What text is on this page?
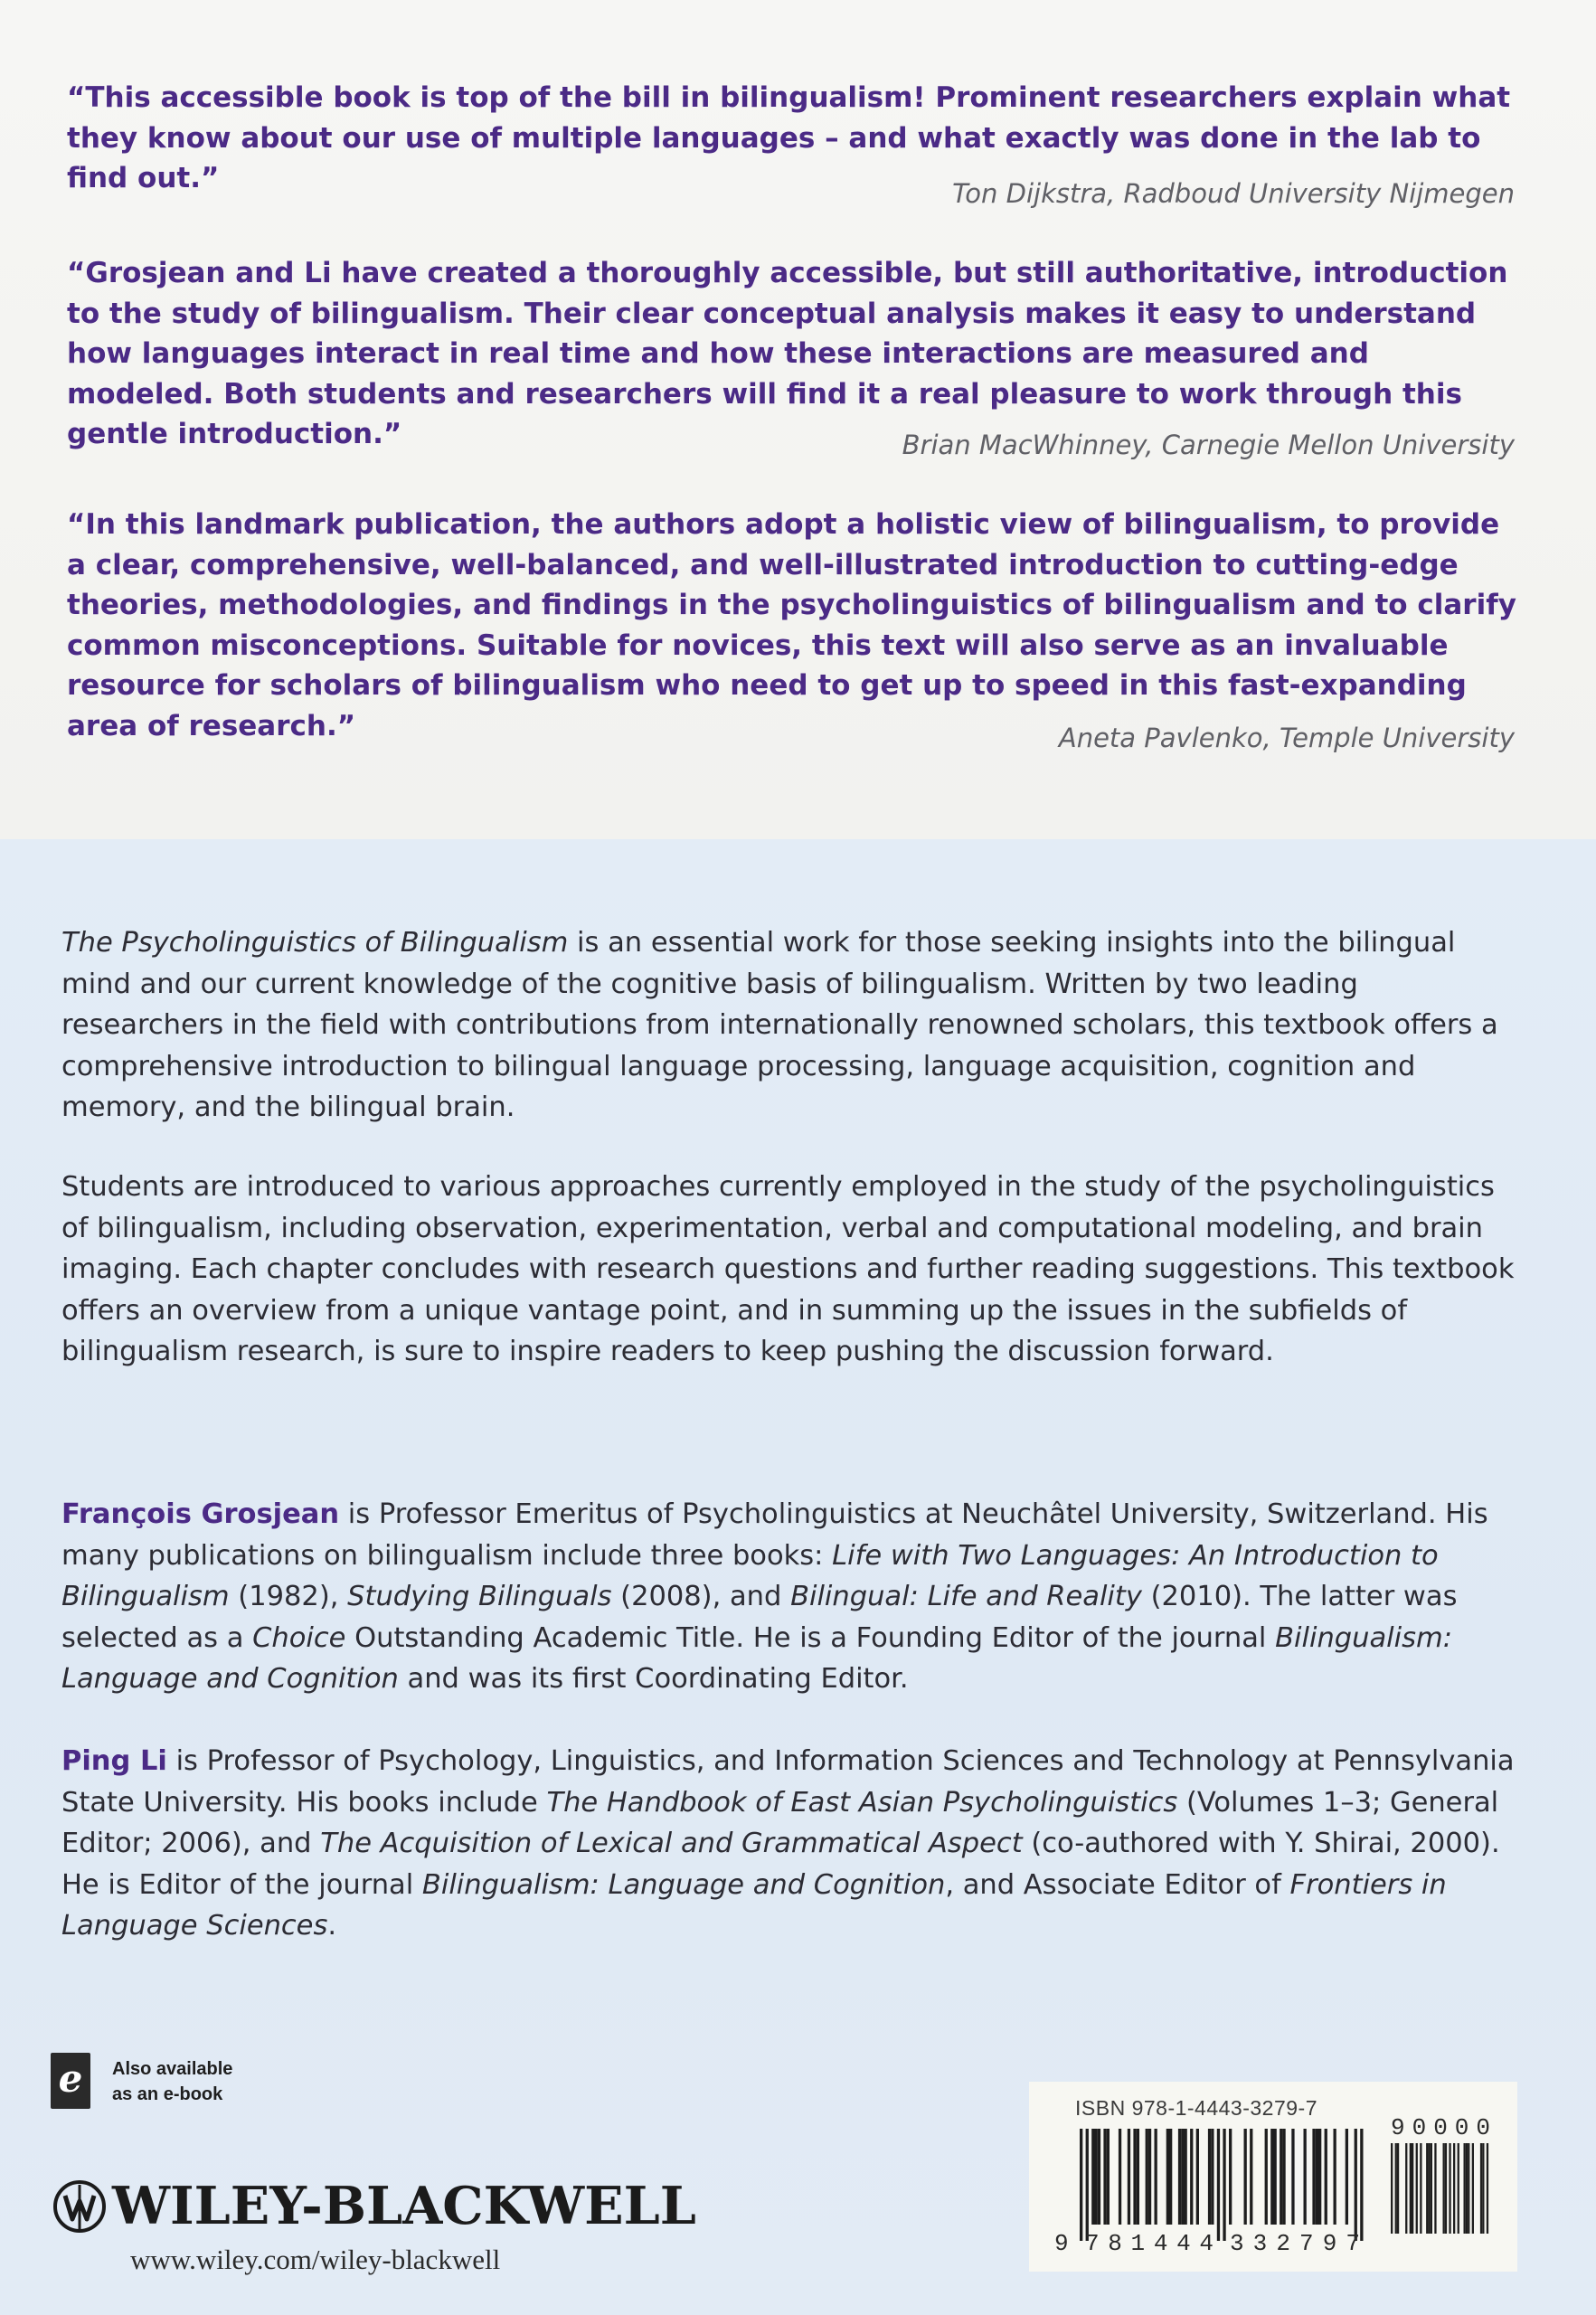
“This accessible book is top of the bill in bilingualism! Prominent researchers explain what they know about our use of multiple languages – and what exactly was done in the lab to find out.”	Ton Dijkstra, Radboud University Nijmegen

“Grosjean and Li have created a thoroughly accessible, but still authoritative, introduction to the study of bilingualism. Their clear conceptual analysis makes it easy to understand how languages interact in real time and how these interactions are measured and modeled. Both students and researchers will find it a real pleasure to work through this gentle introduction.”	Brian MacWhinney, Carnegie Mellon University

“In this landmark publication, the authors adopt a holistic view of bilingualism, to provide a clear, comprehensive, well-balanced, and well-illustrated introduction to cutting-edge theories, methodologies, and findings in the psycholinguistics of bilingualism and to clarify common misconceptions. Suitable for novices, this text will also serve as an invaluable resource for scholars of bilingualism who need to get up to speed in this fast-expanding area of research.”	Aneta Pavlenko, Temple University

The Psycholinguistics of Bilingualism is an essential work for those seeking insights into the bilingual mind and our current knowledge of the cognitive basis of bilingualism. Written by two leading researchers in the field with contributions from internationally renowned scholars, this textbook offers a comprehensive introduction to bilingual language processing, language acquisition, cognition and memory, and the bilingual brain.

Students are introduced to various approaches currently employed in the study of the psycholinguistics of bilingualism, including observation, experimentation, verbal and computational modeling, and brain imaging. Each chapter concludes with research questions and further reading suggestions. This textbook offers an overview from a unique vantage point, and in summing up the issues in the subfields of bilingualism research, is sure to inspire readers to keep pushing the discussion forward.

François Grosjean is Professor Emeritus of Psycholinguistics at Neuchâtel University, Switzerland. His many publications on bilingualism include three books: Life with Two Languages: An Introduction to Bilingualism (1982), Studying Bilinguals (2008), and Bilingual: Life and Reality (2010). The latter was selected as a Choice Outstanding Academic Title. He is a Founding Editor of the journal Bilingualism: Language and Cognition and was its first Coordinating Editor.

Ping Li is Professor of Psychology, Linguistics, and Information Sciences and Technology at Pennsylvania State University. His books include The Handbook of East Asian Psycholinguistics (Volumes 1–3; General Editor; 2006), and The Acquisition of Lexical and Grammatical Aspect (co-authored with Y. Shirai, 2000). He is Editor of the journal Bilingualism: Language and Cognition, and Associate Editor of Frontiers in Language Sciences.

e	Also available
as an e-book
WILEY-BLACKWELL
www.wiley.com/wiley-blackwell
ISBN 978-1-4443-3279-7
9 781444 332797
90000
